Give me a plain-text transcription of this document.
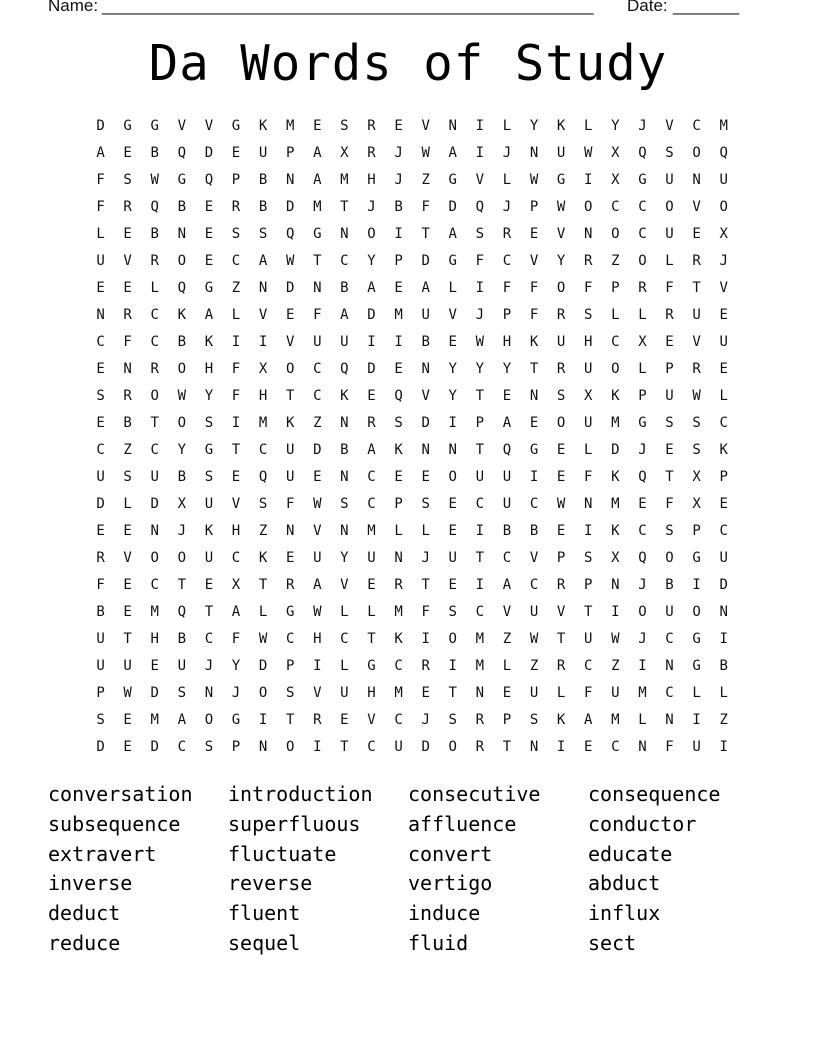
Name: ____________________________________________________ Date: _______
Da Words of Study
D	G	G	V	V	G	K	M	E	S	R	E	V	N	I	L	Y	K	L	Y	J	V	C	M
A	E	B	Q	D	E	U	P	A	X	R	J	W	A	I	J	N	U	W	X	Q	S	O	Q
F	S	W	G	Q	P	B	N	A	M	H	J	Z	G	V	L	W	G	I	X	G	U	N	U
F	R	Q	B	E	R	B	D	M	T	J	B	F	D	Q	J	P	W	O	C	C	O	V	O
L	E	B	N	E	S	S	Q	G	N	O	I	T	A	S	R	E	V	N	O	C	U	E	X
U	V	R	O	E	C	A	W	T	C	Y	P	D	G	F	C	V	Y	R	Z	O	L	R	J
E	E	L	Q	G	Z	N	D	N	B	A	E	A	L	I	F	F	O	F	P	R	F	T	V
N	R	C	K	A	L	V	E	F	A	D	M	U	V	J	P	F	R	S	L	L	R	U	E
C	F	C	B	K	I	I	V	U	U	I	I	B	E	W	H	K	U	H	C	X	E	V	U
E	N	R	O	H	F	X	O	C	Q	D	E	N	Y	Y	Y	T	R	U	O	L	P	R	E
S	R	O	W	Y	F	H	T	C	K	E	Q	V	Y	T	E	N	S	X	K	P	U	W	L
E	B	T	O	S	I	M	K	Z	N	R	S	D	I	P	A	E	O	U	M	G	S	S	C
C	Z	C	Y	G	T	C	U	D	B	A	K	N	N	T	Q	G	E	L	D	J	E	S	K
U	S	U	B	S	E	Q	U	E	N	C	E	E	O	U	U	I	E	F	K	Q	T	X	P
D	L	D	X	U	V	S	F	W	S	C	P	S	E	C	U	C	W	N	M	E	F	X	E
E	E	N	J	K	H	Z	N	V	N	M	L	L	E	I	B	B	E	I	K	C	S	P	C
R	V	O	O	U	C	K	E	U	Y	U	N	J	U	T	C	V	P	S	X	Q	O	G	U
F	E	C	T	E	X	T	R	A	V	E	R	T	E	I	A	C	R	P	N	J	B	I	D
B	E	M	Q	T	A	L	G	W	L	L	M	F	S	C	V	U	V	T	I	O	U	O	N
U	T	H	B	C	F	W	C	H	C	T	K	I	O	M	Z	W	T	U	W	J	C	G	I
U	U	E	U	J	Y	D	P	I	L	G	C	R	I	M	L	Z	R	C	Z	I	N	G	B
P	W	D	S	N	J	O	S	V	U	H	M	E	T	N	E	U	L	F	U	M	C	L	L
S	E	M	A	O	G	I	T	R	E	V	C	J	S	R	P	S	K	A	M	L	N	I	Z
D	E	D	C	S	P	N	O	I	T	C	U	D	O	R	T	N	I	E	C	N	F	U	I
conversation	introduction	consecutive	consequence
subsequence	superfluous	affluence	conductor
extravert	fluctuate	convert	educate
inverse	reverse	vertigo	abduct
deduct	fluent	induce	influx
reduce	sequel	fluid	sect
